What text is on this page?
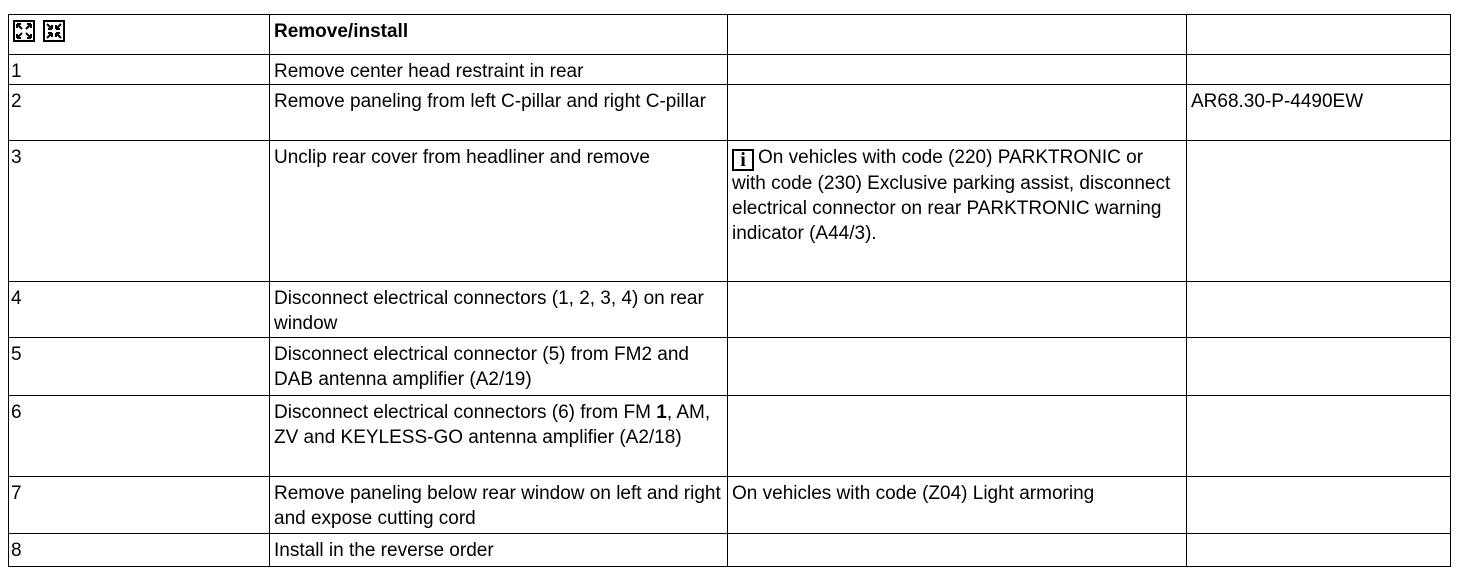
	Remove/install		
1	Remove center head restraint in rear		
2	Remove paneling from left C-pillar and right C-pillar		AR68.30-P-4490EW
3	Unclip rear cover from headliner and remove	i On vehicles with code (220) PARKTRONIC or with code (230) Exclusive parking assist, disconnect electrical connector on rear PARKTRONIC warning indicator (A44/3).	
4	Disconnect electrical connectors (1, 2, 3, 4) on rear window		
5	Disconnect electrical connector (5) from FM2 and DAB antenna amplifier (A2/19)		
6	Disconnect electrical connectors (6) from FM 1, AM, ZV and KEYLESS-GO antenna amplifier (A2/18)		
7	Remove paneling below rear window on left and right and expose cutting cord	On vehicles with code (Z04) Light armoring	
8	Install in the reverse order		
